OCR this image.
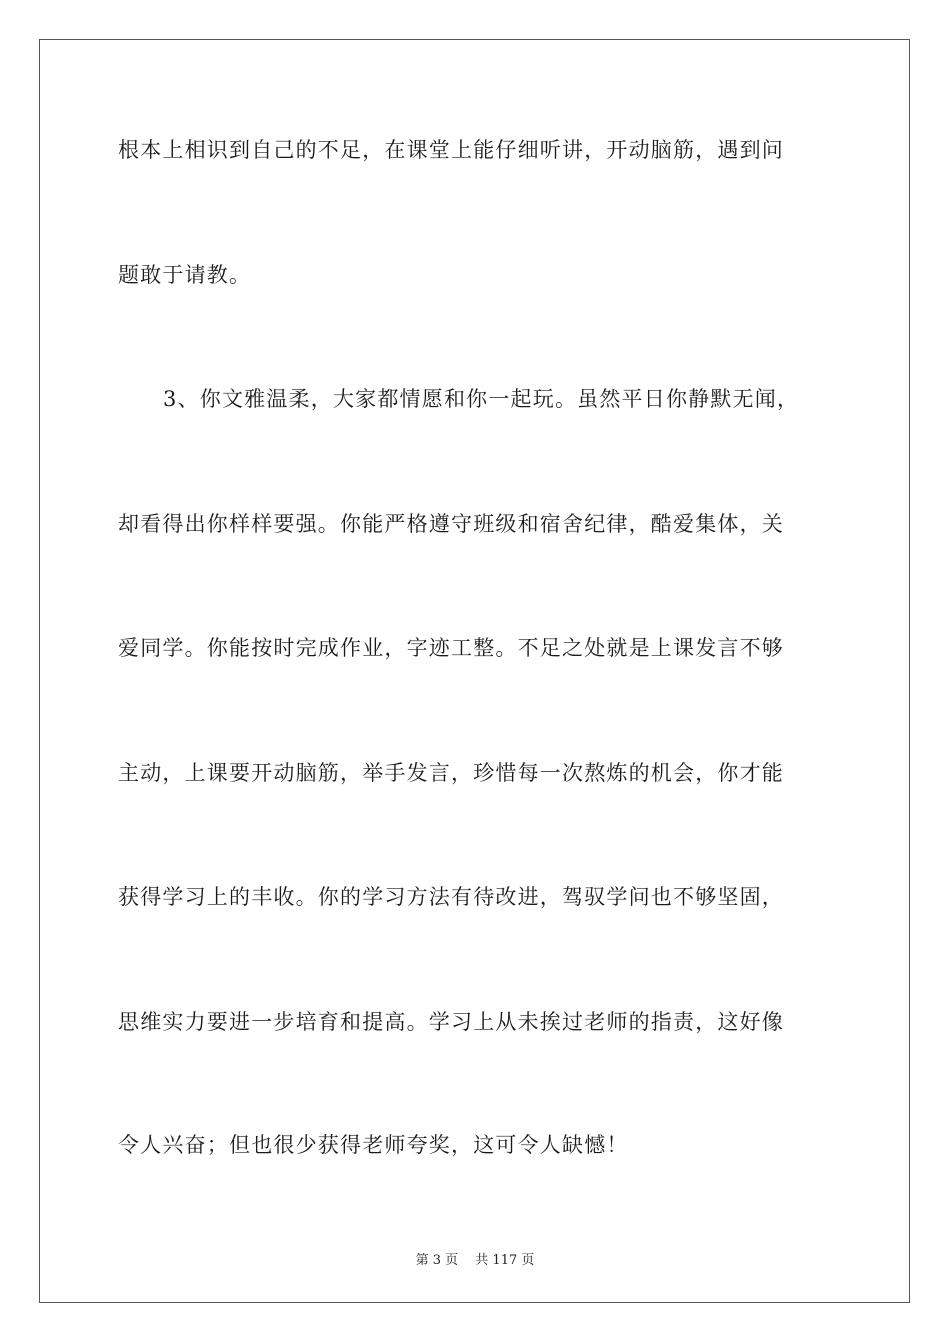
根本上相识到自己的不足，在课堂上能仔细听讲，开动脑筋，遇到问
题敢于请教。
3、你文雅温柔，大家都情愿和你一起玩。虽然平日你静默无闻，
却看得出你样样要强。你能严格遵守班级和宿舍纪律，酷爱集体，关
爱同学。你能按时完成作业，字迹工整。不足之处就是上课发言不够
主动，上课要开动脑筋，举手发言，珍惜每一次熬炼的机会，你才能
获得学习上的丰收。你的学习方法有待改进，驾驭学问也不够坚固，
思维实力要进一步培育和提高。学习上从未挨过老师的指责，这好像
令人兴奋；但也很少获得老师夸奖，这可令人缺憾！
第 3 页　 共 117 页
